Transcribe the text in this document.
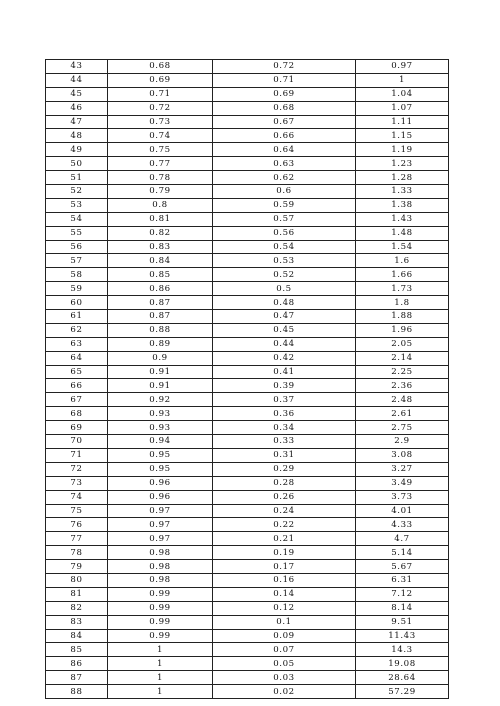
43	0.68	0.72	0.97
44	0.69	0.71	1
45	0.71	0.69	1.04
46	0.72	0.68	1.07
47	0.73	0.67	1.11
48	0.74	0.66	1.15
49	0.75	0.64	1.19
50	0.77	0.63	1.23
51	0.78	0.62	1.28
52	0.79	0.6	1.33
53	0.8	0.59	1.38
54	0.81	0.57	1.43
55	0.82	0.56	1.48
56	0.83	0.54	1.54
57	0.84	0.53	1.6
58	0.85	0.52	1.66
59	0.86	0.5	1.73
60	0.87	0.48	1.8
61	0.87	0.47	1.88
62	0.88	0.45	1.96
63	0.89	0.44	2.05
64	0.9	0.42	2.14
65	0.91	0.41	2.25
66	0.91	0.39	2.36
67	0.92	0.37	2.48
68	0.93	0.36	2.61
69	0.93	0.34	2.75
70	0.94	0.33	2.9
71	0.95	0.31	3.08
72	0.95	0.29	3.27
73	0.96	0.28	3.49
74	0.96	0.26	3.73
75	0.97	0.24	4.01
76	0.97	0.22	4.33
77	0.97	0.21	4.7
78	0.98	0.19	5.14
79	0.98	0.17	5.67
80	0.98	0.16	6.31
81	0.99	0.14	7.12
82	0.99	0.12	8.14
83	0.99	0.1	9.51
84	0.99	0.09	11.43
85	1	0.07	14.3
86	1	0.05	19.08
87	1	0.03	28.64
88	1	0.02	57.29
